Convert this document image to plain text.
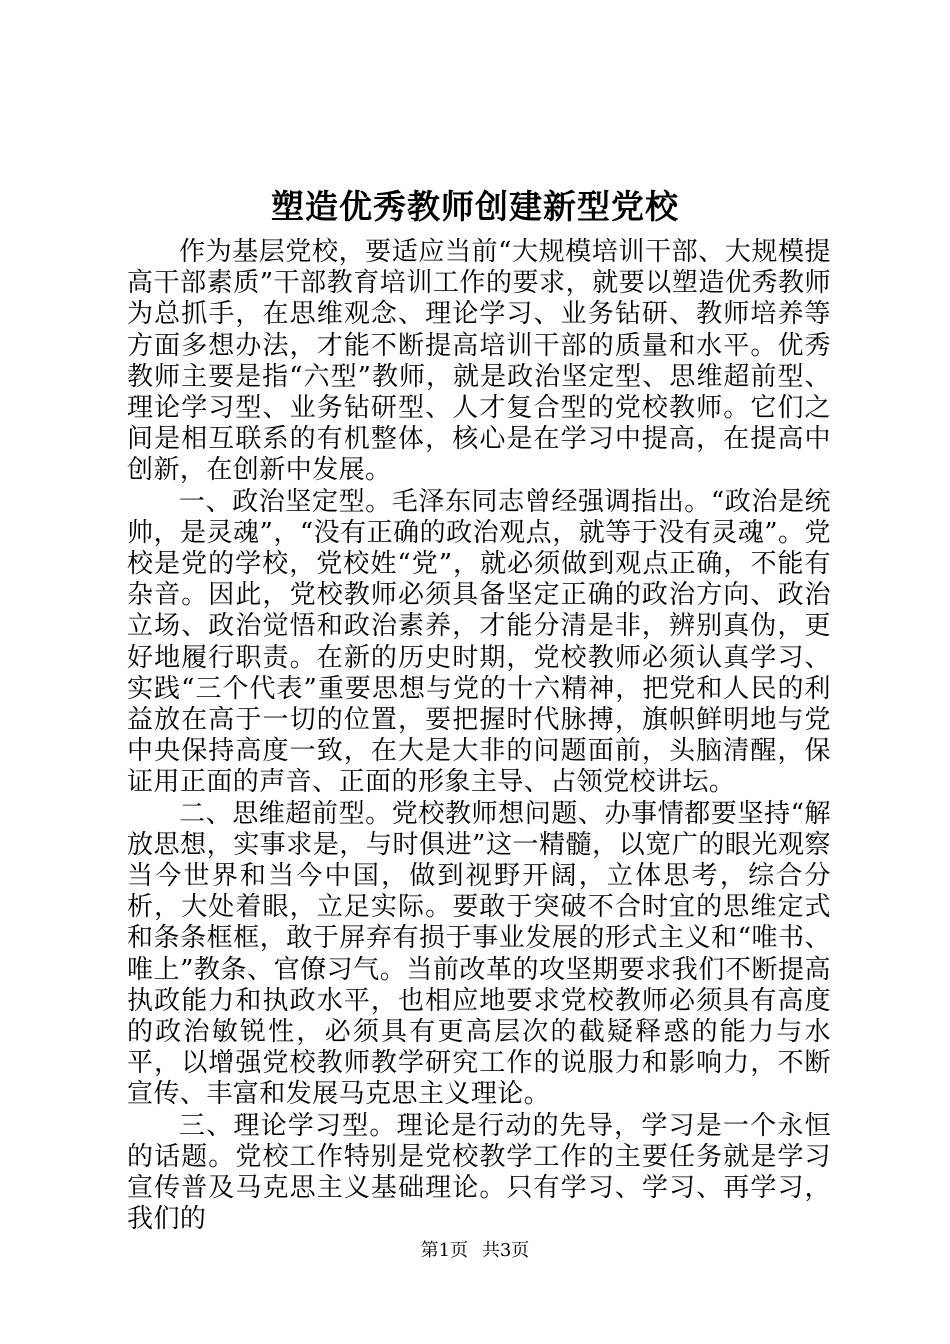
塑造优秀教师创建新型党校

作为基层党校，要适应当前“大规模培训干部、大规模提高干部素质”干部教育培训工作的要求，就要以塑造优秀教师为总抓手，在思维观念、理论学习、业务钻研、教师培养等方面多想办法，才能不断提高培训干部的质量和水平。优秀教师主要是指“六型”教师，就是政治坚定型、思维超前型、理论学习型、业务钻研型、人才复合型的党校教师。它们之间是相互联系的有机整体，核心是在学习中提高，在提高中创新，在创新中发展。

一、政治坚定型。毛泽东同志曾经强调指出。“政治是统帅，是灵魂”，“没有正确的政治观点，就等于没有灵魂”。党校是党的学校，党校姓“党”，就必须做到观点正确，不能有杂音。因此，党校教师必须具备坚定正确的政治方向、政治立场、政治觉悟和政治素养，才能分清是非，辨别真伪，更好地履行职责。在新的历史时期，党校教师必须认真学习、实践“三个代表”重要思想与党的十六精神，把党和人民的利益放在高于一切的位置，要把握时代脉搏，旗帜鲜明地与党中央保持高度一致，在大是大非的问题面前，头脑清醒，保证用正面的声音、正面的形象主导、占领党校讲坛。

二、思维超前型。党校教师想问题、办事情都要坚持“解放思想，实事求是，与时俱进”这一精髓，以宽广的眼光观察当今世界和当今中国，做到视野开阔，立体思考，综合分析，大处着眼，立足实际。要敢于突破不合时宜的思维定式和条条框框，敢于屏弃有损于事业发展的形式主义和“唯书、唯上”教条、官僚习气。当前改革的攻坚期要求我们不断提高执政能力和执政水平，也相应地要求党校教师必须具有高度的政治敏锐性，必须具有更高层次的截疑释惑的能力与水平，以增强党校教师教学研究工作的说服力和影响力，不断宣传、丰富和发展马克思主义理论。

三、理论学习型。理论是行动的先导，学习是一个永恒的话题。党校工作特别是党校教学工作的主要任务就是学习宣传普及马克思主义基础理论。只有学习、学习、再学习，我们的

第1页 共3页
